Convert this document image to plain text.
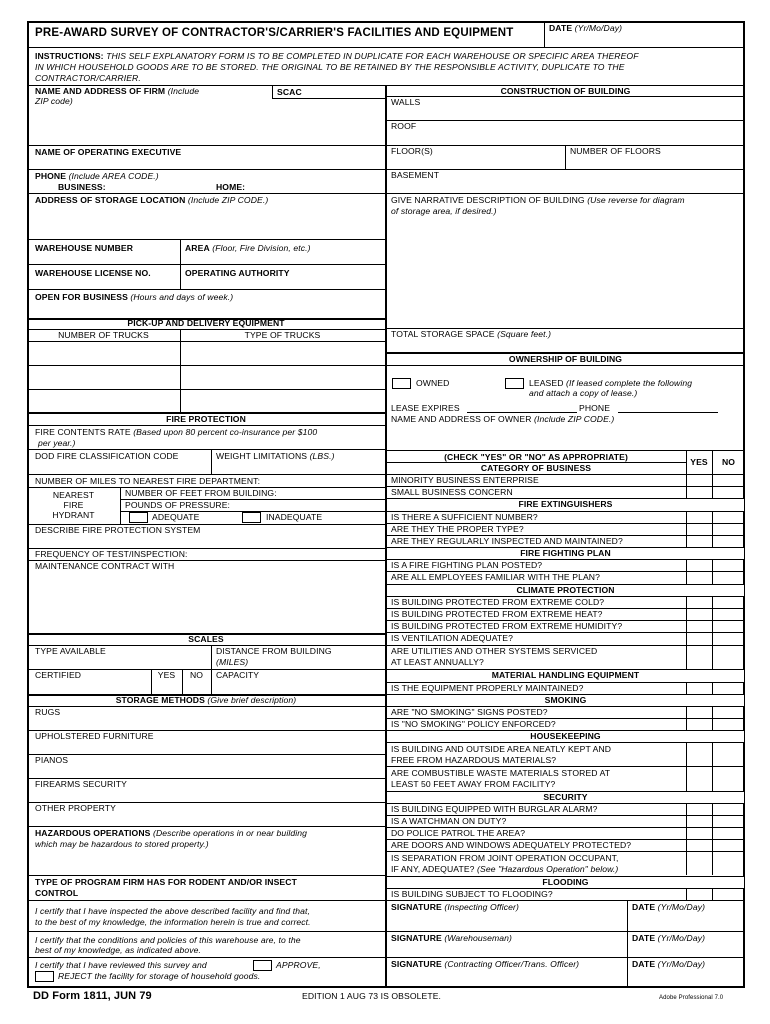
PRE-AWARD SURVEY OF CONTRACTOR'S/CARRIER'S FACILITIES AND EQUIPMENT	DATE (Yr/Mo/Day)
INSTRUCTIONS: THIS SELF EXPLANATORY FORM IS TO BE COMPLETED IN DUPLICATE FOR EACH WAREHOUSE OR SPECIFIC AREA THEREOF
IN WHICH HOUSEHOLD GOODS ARE TO BE STORED. THE ORIGINAL TO BE RETAINED BY THE RESPONSIBLE ACTIVITY, DUPLICATE TO THE
CONTRACTOR/CARRIER.
NAME AND ADDRESS OF FIRM (Include
ZIP code)
SCAC
NAME OF OPERATING EXECUTIVE
PHONE (Include AREA CODE.)
BUSINESS:	HOME:
ADDRESS OF STORAGE LOCATION (Include ZIP CODE.)
WAREHOUSE NUMBER	AREA (Floor, Fire Division, etc.)
WAREHOUSE LICENSE NO.	OPERATING AUTHORITY
OPEN FOR BUSINESS (Hours and days of week.)
PICK-UP AND DELIVERY EQUIPMENT
NUMBER OF TRUCKS	TYPE OF TRUCKS
FIRE PROTECTION
FIRE CONTENTS RATE (Based upon 80 percent co-insurance per $100
per year.)
DOD FIRE CLASSIFICATION CODE	WEIGHT LIMITATIONS (LBS.)
NUMBER OF MILES TO NEAREST FIRE DEPARTMENT:
NEAREST
FIRE
HYDRANT
NUMBER OF FEET FROM BUILDING:
POUNDS OF PRESSURE:
ADEQUATE	INADEQUATE
DESCRIBE FIRE PROTECTION SYSTEM
FREQUENCY OF TEST/INSPECTION:
MAINTENANCE CONTRACT WITH
SCALES
TYPE AVAILABLE	DISTANCE FROM BUILDING
(MILES)
CERTIFIED	YES	NO	CAPACITY
STORAGE METHODS (Give brief description)
RUGS
UPHOLSTERED FURNITURE
PIANOS
FIREARMS SECURITY
OTHER PROPERTY
HAZARDOUS OPERATIONS (Describe operations in or near building
which may be hazardous to stored property.)
TYPE OF PROGRAM FIRM HAS FOR RODENT AND/OR INSECT
CONTROL
I certify that I have inspected the above described facility and find that,
to the best of my knowledge, the information herein is true and correct.
I certify that the conditions and policies of this warehouse are, to the
best of my knowledge, as indicated above.
I certify that I have reviewed this survey and	APPROVE,
REJECT the facility for storage of household goods.
CONSTRUCTION OF BUILDING
WALLS
ROOF
FLOOR(S)	NUMBER OF FLOORS
BASEMENT
GIVE NARRATIVE DESCRIPTION OF BUILDING (Use reverse for diagram
of storage area, if desired.)
TOTAL STORAGE SPACE (Square feet.)
OWNERSHIP OF BUILDING
OWNED	LEASED (If leased complete the following
and attach a copy of lease.)
LEASE EXPIRES	PHONE
NAME AND ADDRESS OF OWNER (Include ZIP CODE.)
(CHECK "YES" OR "NO" AS APPROPRIATE)	YES	NO
CATEGORY OF BUSINESS
MINORITY BUSINESS ENTERPRISE
SMALL BUSINESS CONCERN
FIRE EXTINGUISHERS
IS THERE A SUFFICIENT NUMBER?
ARE THEY THE PROPER TYPE?
ARE THEY REGULARLY INSPECTED AND MAINTAINED?
FIRE FIGHTING PLAN
IS A FIRE FIGHTING PLAN POSTED?
ARE ALL EMPLOYEES FAMILIAR WITH THE PLAN?
CLIMATE PROTECTION
IS BUILDING PROTECTED FROM EXTREME COLD?
IS BUILDING PROTECTED FROM EXTREME HEAT?
IS BUILDING PROTECTED FROM EXTREME HUMIDITY?
IS VENTILATION ADEQUATE?
ARE UTILITIES AND OTHER SYSTEMS SERVICED
AT LEAST ANNUALLY?
MATERIAL HANDLING EQUIPMENT
IS THE EQUIPMENT PROPERLY MAINTAINED?
SMOKING
ARE "NO SMOKING" SIGNS POSTED?
IS "NO SMOKING" POLICY ENFORCED?
HOUSEKEEPING
IS BUILDING AND OUTSIDE AREA NEATLY KEPT AND
FREE FROM HAZARDOUS MATERIALS?
ARE COMBUSTIBLE WASTE MATERIALS STORED AT
LEAST 50 FEET AWAY FROM FACILITY?
SECURITY
IS BUILDING EQUIPPED WITH BURGLAR ALARM?
IS A WATCHMAN ON DUTY?
DO POLICE PATROL THE AREA?
ARE DOORS AND WINDOWS ADEQUATELY PROTECTED?
IS SEPARATION FROM JOINT OPERATION OCCUPANT,
IF ANY, ADEQUATE? (See "Hazardous Operation" below.)
FLOODING
IS BUILDING SUBJECT TO FLOODING?
SIGNATURE (Inspecting Officer)	DATE (Yr/Mo/Day)
SIGNATURE (Warehouseman)	DATE (Yr/Mo/Day)
SIGNATURE (Contracting Officer/Trans. Officer)	DATE (Yr/Mo/Day)
DD Form 1811, JUN 79	EDITION 1 AUG 73 IS OBSOLETE.	Adobe Professional 7.0
